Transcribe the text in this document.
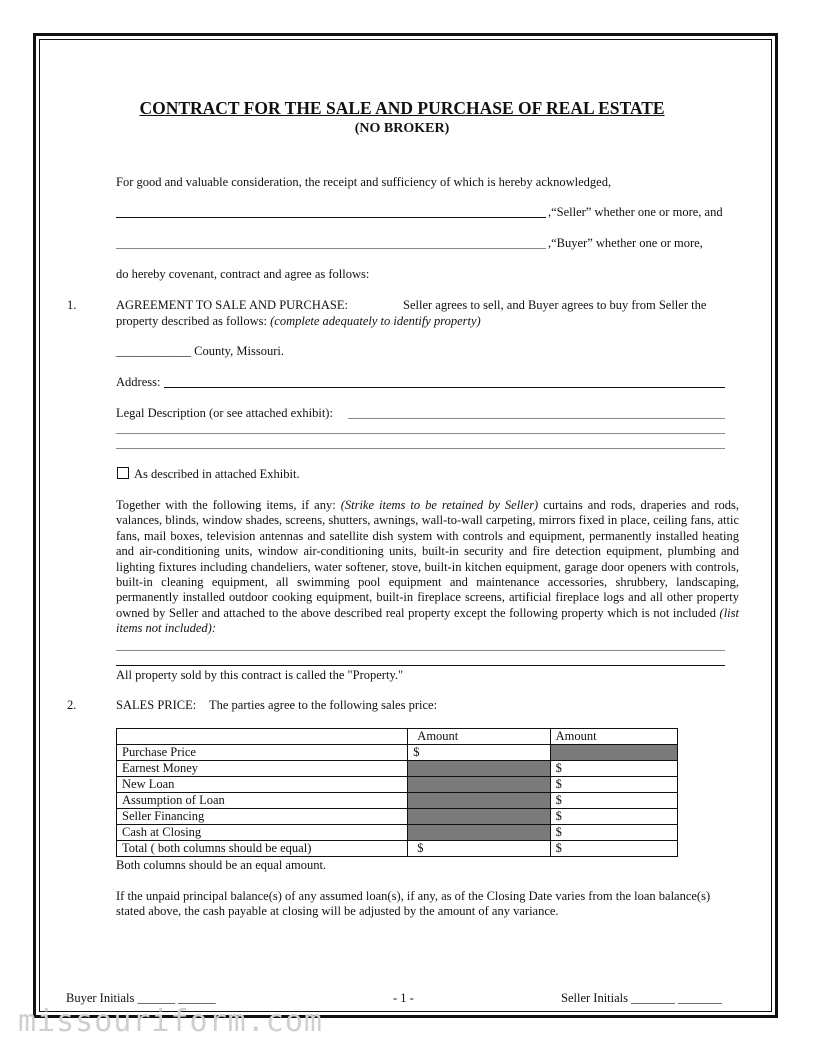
CONTRACT FOR THE SALE AND PURCHASE OF REAL ESTATE
(NO BROKER)
For good and valuable consideration, the receipt and sufficiency of which is hereby acknowledged,
,“Seller” whether one or more, and
,“Buyer” whether one or more,
do hereby covenant, contract and agree as follows:
1.	AGREEMENT TO SALE AND PURCHASE:	Seller agrees to sell, and Buyer agrees to buy from Seller the
property described as follows: (complete adequately to identify property)
____________ County, Missouri.
Address:
Legal Description (or see attached exhibit):
As described in attached Exhibit.
Together with the following items, if any: (Strike items to be retained by Seller) curtains and rods, draperies and rods, valances, blinds, window shades, screens, shutters, awnings, wall-to-wall carpeting, mirrors fixed in place, ceiling fans, attic fans, mail boxes, television antennas and satellite dish system with controls and equipment, permanently installed heating and air-conditioning units, window air-conditioning units, built-in security and fire detection equipment, plumbing and lighting fixtures including chandeliers, water softener, stove, built-in kitchen equipment, garage door openers with controls, built-in cleaning equipment, all swimming pool equipment and maintenance accessories, shrubbery, landscaping, permanently installed outdoor cooking equipment, built-in fireplace screens, artificial fireplace logs and all other property owned by Seller and attached to the above described real property except the following property which is not included (list items not included):
All property sold by this contract is called the "Property."
2.	SALES PRICE: The parties agree to the following sales price:
	Amount	Amount
Purchase Price	$	
Earnest Money		$
New Loan		$
Assumption of Loan		$
Seller Financing		$
Cash at Closing		$
Total ( both columns should be equal)	$	$
Both columns should be an equal amount.
If the unpaid principal balance(s) of any assumed loan(s), if any, as of the Closing Date varies from the loan balance(s) stated above, the cash payable at closing will be adjusted by the amount of any variance.
Buyer Initials ______ ______	- 1 -	Seller Initials _______ _______
missouriform.com
